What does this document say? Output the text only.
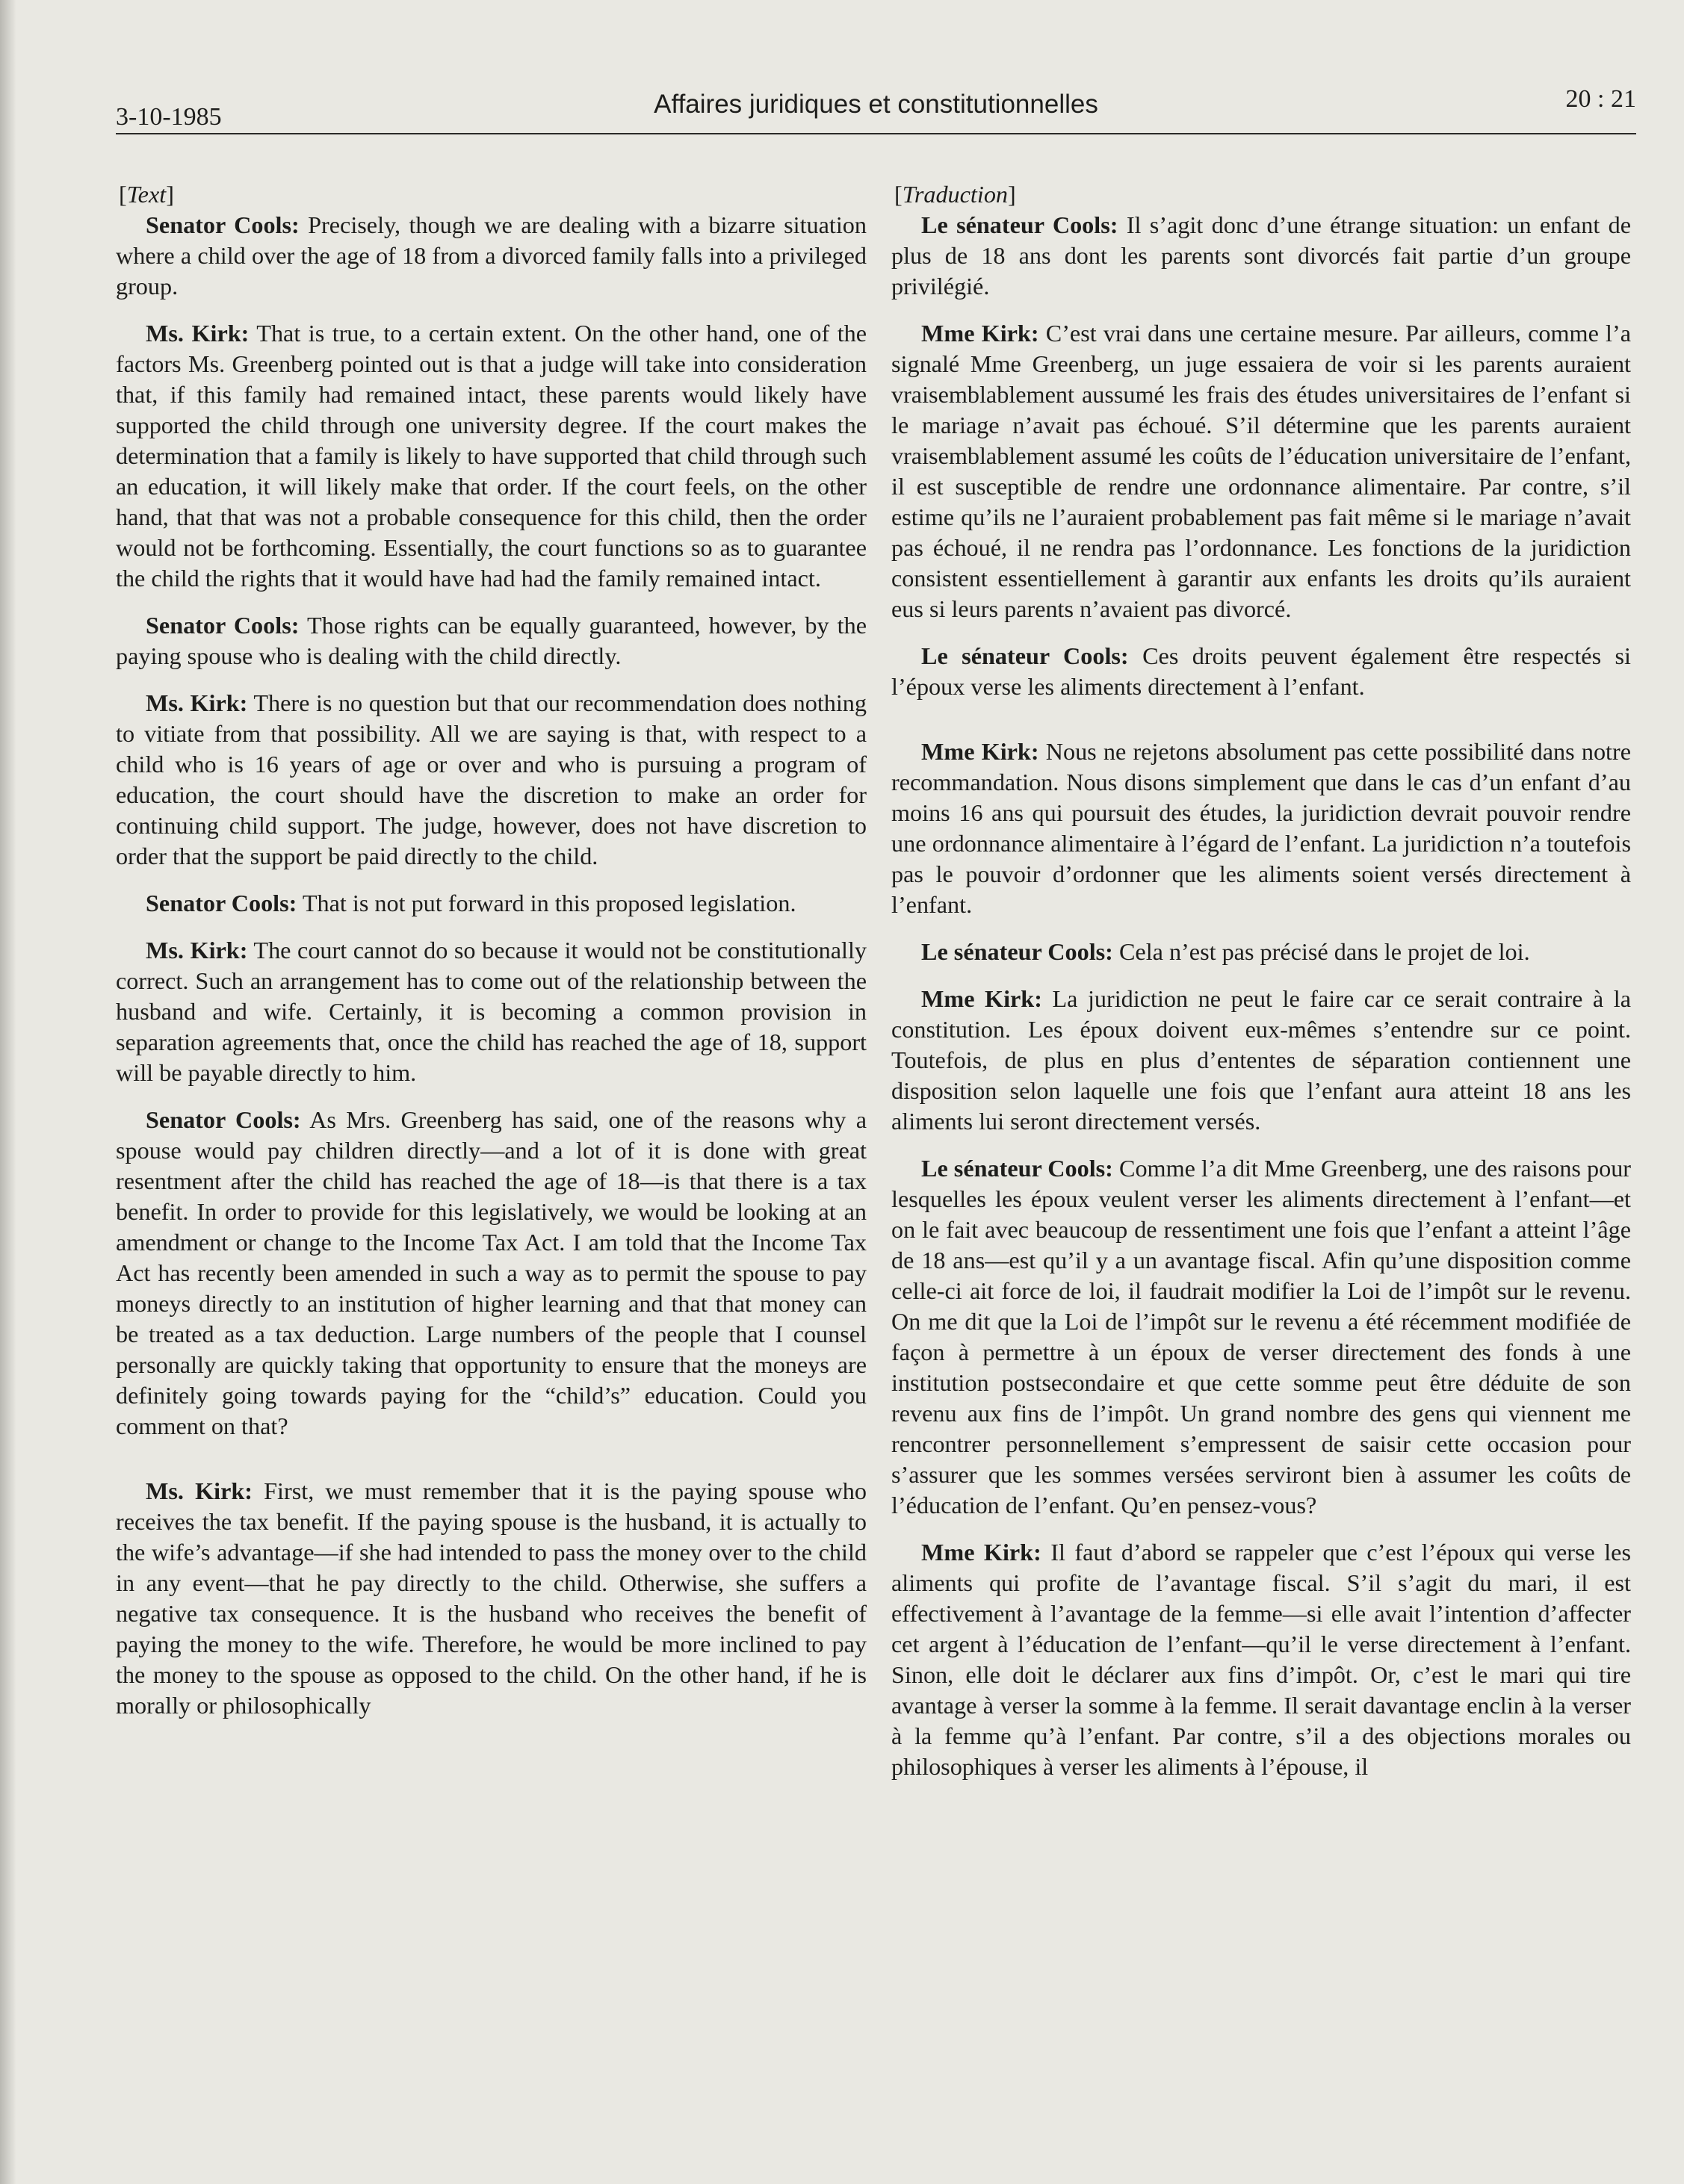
3-10-1985	Affaires juridiques et constitutionnelles	20 : 21

[Text]

Senator Cools: Precisely, though we are dealing with a bizarre situation where a child over the age of 18 from a divorced family falls into a privileged group.

Ms. Kirk: That is true, to a certain extent. On the other hand, one of the factors Ms. Greenberg pointed out is that a judge will take into consideration that, if this family had remained intact, these parents would likely have supported the child through one university degree. If the court makes the determination that a family is likely to have supported that child through such an education, it will likely make that order. If the court feels, on the other hand, that that was not a probable consequence for this child, then the order would not be forthcoming. Essentially, the court functions so as to guarantee the child the rights that it would have had had the family remained intact.

Senator Cools: Those rights can be equally guaranteed, however, by the paying spouse who is dealing with the child directly.

Ms. Kirk: There is no question but that our recommendation does nothing to vitiate from that possibility. All we are saying is that, with respect to a child who is 16 years of age or over and who is pursuing a program of education, the court should have the discretion to make an order for continuing child support. The judge, however, does not have discretion to order that the support be paid directly to the child.

Senator Cools: That is not put forward in this proposed legislation.

Ms. Kirk: The court cannot do so because it would not be constitutionally correct. Such an arrangement has to come out of the relationship between the husband and wife. Certainly, it is becoming a common provision in separation agreements that, once the child has reached the age of 18, support will be payable directly to him.

Senator Cools: As Mrs. Greenberg has said, one of the reasons why a spouse would pay children directly—and a lot of it is done with great resentment after the child has reached the age of 18—is that there is a tax benefit. In order to provide for this legislatively, we would be looking at an amendment or change to the Income Tax Act. I am told that the Income Tax Act has recently been amended in such a way as to permit the spouse to pay moneys directly to an institution of higher learning and that that money can be treated as a tax deduction. Large numbers of the people that I counsel personally are quickly taking that opportunity to ensure that the moneys are definitely going towards paying for the “child’s” education. Could you comment on that?

Ms. Kirk: First, we must remember that it is the paying spouse who receives the tax benefit. If the paying spouse is the husband, it is actually to the wife’s advantage—if she had intended to pass the money over to the child in any event—that he pay directly to the child. Otherwise, she suffers a negative tax consequence. It is the husband who receives the benefit of paying the money to the wife. Therefore, he would be more inclined to pay the money to the spouse as opposed to the child. On the other hand, if he is morally or philosophically

[Traduction]

Le sénateur Cools: Il s’agit donc d’une étrange situation: un enfant de plus de 18 ans dont les parents sont divorcés fait partie d’un groupe privilégié.

Mme Kirk: C’est vrai dans une certaine mesure. Par ailleurs, comme l’a signalé Mme Greenberg, un juge essaiera de voir si les parents auraient vraisemblablement aussumé les frais des études universitaires de l’enfant si le mariage n’avait pas échoué. S’il détermine que les parents auraient vraisemblablement assumé les coûts de l’éducation universitaire de l’enfant, il est susceptible de rendre une ordonnance alimentaire. Par contre, s’il estime qu’ils ne l’auraient probablement pas fait même si le mariage n’avait pas échoué, il ne rendra pas l’ordonnance. Les fonctions de la juridiction consistent essentiellement à garantir aux enfants les droits qu’ils auraient eus si leurs parents n’avaient pas divorcé.

Le sénateur Cools: Ces droits peuvent également être respectés si l’époux verse les aliments directement à l’enfant.

Mme Kirk: Nous ne rejetons absolument pas cette possibilité dans notre recommandation. Nous disons simplement que dans le cas d’un enfant d’au moins 16 ans qui poursuit des études, la juridiction devrait pouvoir rendre une ordonnance alimentaire à l’égard de l’enfant. La juridiction n’a toutefois pas le pouvoir d’ordonner que les aliments soient versés directement à l’enfant.

Le sénateur Cools: Cela n’est pas précisé dans le projet de loi.

Mme Kirk: La juridiction ne peut le faire car ce serait contraire à la constitution. Les époux doivent eux-mêmes s’entendre sur ce point. Toutefois, de plus en plus d’ententes de séparation contiennent une disposition selon laquelle une fois que l’enfant aura atteint 18 ans les aliments lui seront directement versés.

Le sénateur Cools: Comme l’a dit Mme Greenberg, une des raisons pour lesquelles les époux veulent verser les aliments directement à l’enfant—et on le fait avec beaucoup de ressentiment une fois que l’enfant a atteint l’âge de 18 ans—est qu’il y a un avantage fiscal. Afin qu’une disposition comme celle-ci ait force de loi, il faudrait modifier la Loi de l’impôt sur le revenu. On me dit que la Loi de l’impôt sur le revenu a été récemment modifiée de façon à permettre à un époux de verser directement des fonds à une institution postsecondaire et que cette somme peut être déduite de son revenu aux fins de l’impôt. Un grand nombre des gens qui viennent me rencontrer personnellement s’empressent de saisir cette occasion pour s’assurer que les sommes versées serviront bien à assumer les coûts de l’éducation de l’enfant. Qu’en pensez-vous?

Mme Kirk: Il faut d’abord se rappeler que c’est l’époux qui verse les aliments qui profite de l’avantage fiscal. S’il s’agit du mari, il est effectivement à l’avantage de la femme—si elle avait l’intention d’affecter cet argent à l’éducation de l’enfant—qu’il le verse directement à l’enfant. Sinon, elle doit le déclarer aux fins d’impôt. Or, c’est le mari qui tire avantage à verser la somme à la femme. Il serait davantage enclin à la verser à la femme qu’à l’enfant. Par contre, s’il a des objections morales ou philosophiques à verser les aliments à l’épouse, il
